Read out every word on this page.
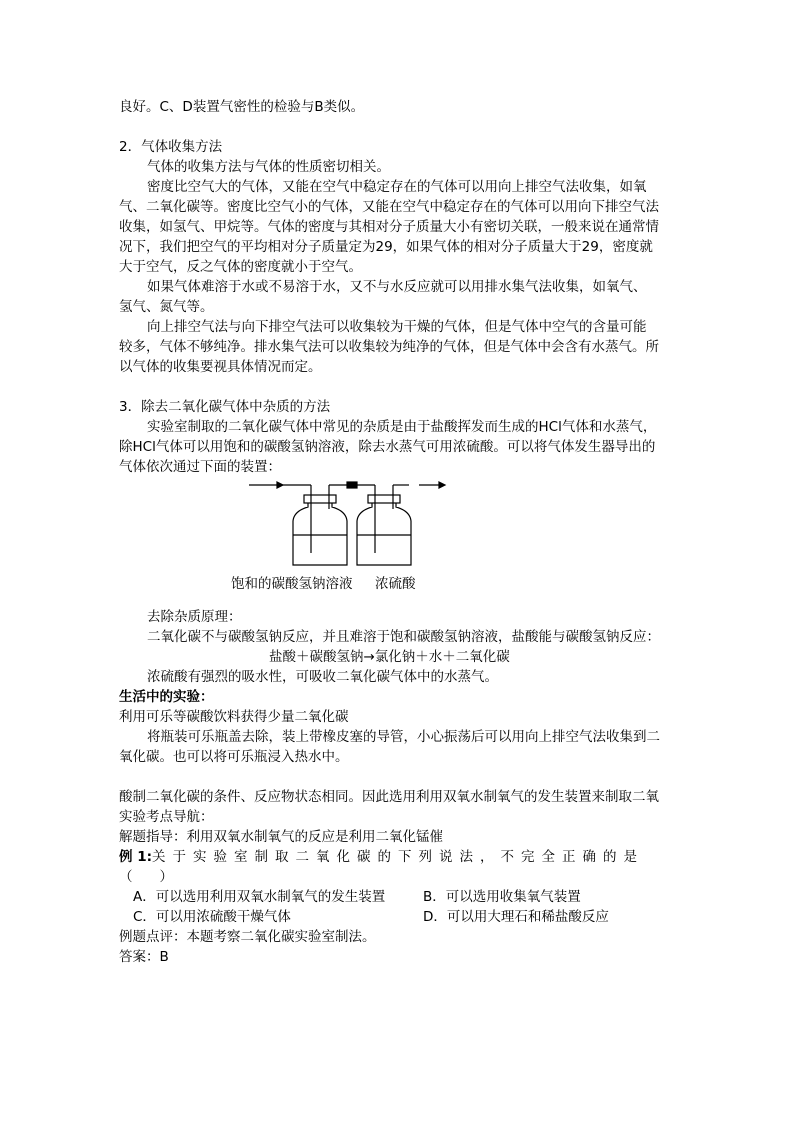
良好。C、D装置气密性的检验与B类似。
2．气体收集方法
气体的收集方法与气体的性质密切相关。
密度比空气大的气体，又能在空气中稳定存在的气体可以用向上排空气法收集，如氧
气、二氧化碳等。密度比空气小的气体，又能在空气中稳定存在的气体可以用向下排空气法
收集，如氢气、甲烷等。气体的密度与其相对分子质量大小有密切关联，一般来说在通常情
况下，我们把空气的平均相对分子质量定为29，如果气体的相对分子质量大于29，密度就
大于空气，反之气体的密度就小于空气。
如果气体难溶于水或不易溶于水，又不与水反应就可以用排水集气法收集，如氧气、
氢气、氮气等。
向上排空气法与向下排空气法可以收集较为干燥的气体，但是气体中空气的含量可能
较多，气体不够纯净。排水集气法可以收集较为纯净的气体，但是气体中会含有水蒸气。所
以气体的收集要视具体情况而定。
3．除去二氧化碳气体中杂质的方法
实验室制取的二氧化碳气体中常见的杂质是由于盐酸挥发而生成的HCl气体和水蒸气，
除HCl气体可以用饱和的碳酸氢钠溶液，除去水蒸气可用浓硫酸。可以将气体发生器导出的
气体依次通过下面的装置：
饱和的碳酸氢钠溶液 浓硫酸
去除杂质原理：
二氧化碳不与碳酸氢钠反应，并且难溶于饱和碳酸氢钠溶液，盐酸能与碳酸氢钠反应：
盐酸＋碳酸氢钠→氯化钠＋水＋二氧化碳
浓硫酸有强烈的吸水性，可吸收二氧化碳气体中的水蒸气。
生活中的实验：
利用可乐等碳酸饮料获得少量二氧化碳
将瓶装可乐瓶盖去除，装上带橡皮塞的导管，小心振荡后可以用向上排空气法收集到二
氧化碳。也可以将可乐瓶浸入热水中。
酸制二氧化碳的条件、反应物状态相同。因此选用利用双氧水制氧气的发生装置来制取二氧
实验考点导航：
解题指导：利用双氧水制氧气的反应是利用二氧化锰催
例 1:关于实验室制取二氧化碳的下列说法，不完全正确的是
（　　）
A．可以选用利用双氧水制氧气的发生装置	B．可以选用收集氧气装置
C．可以用浓硫酸干燥气体	D．可以用大理石和稀盐酸反应
例题点评：本题考察二氧化碳实验室制法。
答案：B
